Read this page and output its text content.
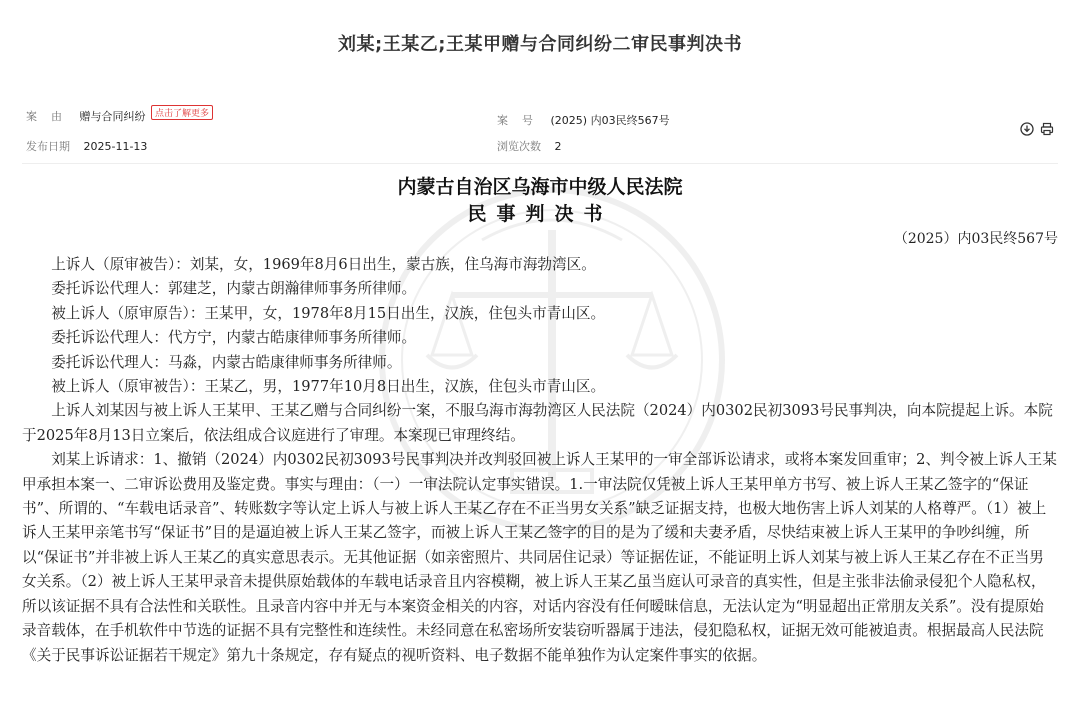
刘某;王某乙;王某甲赠与合同纠纷二审民事判决书
案由 赠与合同纠纷 点击了解更多	案号 (2025) 内03民终567号
发布日期 2025-11-13	浏览次数 2
内蒙古自治区乌海市中级人民法院
民事判决书
（2025）内03民终567号

上诉人（原审被告）：刘某，女，1969年8月6日出生，蒙古族，住乌海市海勃湾区。

委托诉讼代理人：郭建芝，内蒙古朗瀚律师事务所律师。

被上诉人（原审原告）：王某甲，女，1978年8月15日出生，汉族，住包头市青山区。

委托诉讼代理人：代方宁，内蒙古皓康律师事务所律师。

委托诉讼代理人：马淼，内蒙古皓康律师事务所律师。

被上诉人（原审被告）：王某乙，男，1977年10月8日出生，汉族，住包头市青山区。

上诉人刘某因与被上诉人王某甲、王某乙赠与合同纠纷一案，不服乌海市海勃湾区人民法院（2024）内0302民初3093号民事判决，向本院提起上诉。本院于2025年8月13日立案后，依法组成合议庭进行了审理。本案现已审理终结。

刘某上诉请求：1、撤销（2024）内0302民初3093号民事判决并改判驳回被上诉人王某甲的一审全部诉讼请求，或将本案发回重审；2、判令被上诉人王某甲承担本案一、二审诉讼费用及鉴定费。事实与理由：（一）一审法院认定事实错误。1.一审法院仅凭被上诉人王某甲单方书写、被上诉人王某乙签字的“保证书”、所谓的、“车载电话录音”、转账数字等认定上诉人与被上诉人王某乙存在不正当男女关系”缺乏证据支持，也极大地伤害上诉人刘某的人格尊严。（1）被上诉人王某甲亲笔书写“保证书”目的是逼迫被上诉人王某乙签字，而被上诉人王某乙签字的目的是为了缓和夫妻矛盾，尽快结束被上诉人王某甲的争吵纠缠，所以“保证书”并非被上诉人王某乙的真实意思表示。无其他证据（如亲密照片、共同居住记录）等证据佐证，不能证明上诉人刘某与被上诉人王某乙存在不正当男女关系。（2）被上诉人王某甲录音未提供原始载体的车载电话录音且内容模糊，被上诉人王某乙虽当庭认可录音的真实性，但是主张非法偷录侵犯个人隐私权，所以该证据不具有合法性和关联性。且录音内容中并无与本案资金相关的内容，对话内容没有任何暧昧信息，无法认定为“明显超出正常朋友关系”。没有提原始录音载体，在手机软件中节选的证据不具有完整性和连续性。未经同意在私密场所安装窃听器属于违法，侵犯隐私权，证据无效可能被追责。根据最高人民法院《关于民事诉讼证据若干规定》第九十条规定，存有疑点的视听资料、电子数据不能单独作为认定案件事实的依据。
